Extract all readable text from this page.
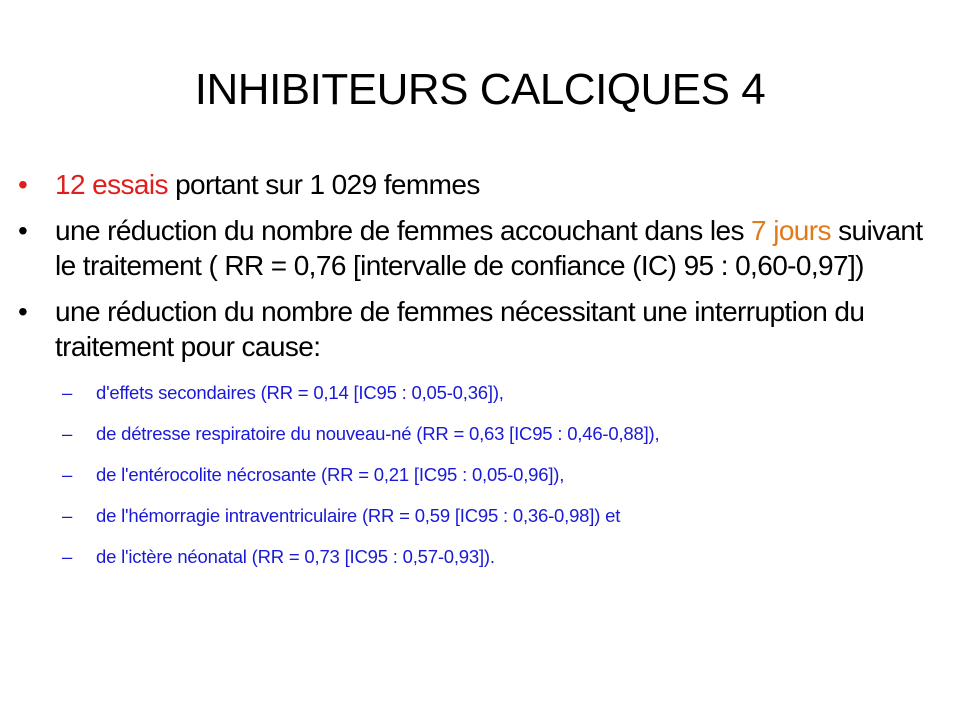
INHIBITEURS CALCIQUES 4
• 12 essais portant sur 1 029 femmes
• une réduction du nombre de femmes accouchant dans les 7 jours suivant le traitement ( RR = 0,76 [intervalle de confiance (IC) 95 : 0,60-0,97])
• une réduction du nombre de femmes nécessitant une interruption du traitement pour cause:
– d'effets secondaires (RR = 0,14 [IC95 : 0,05-0,36]),
– de détresse respiratoire du nouveau-né (RR = 0,63 [IC95 : 0,46-0,88]),
– de l'entérocolite nécrosante (RR = 0,21 [IC95 : 0,05-0,96]),
– de l'hémorragie intraventriculaire (RR = 0,59 [IC95 : 0,36-0,98]) et
– de l'ictère néonatal (RR = 0,73 [IC95 : 0,57-0,93]).
